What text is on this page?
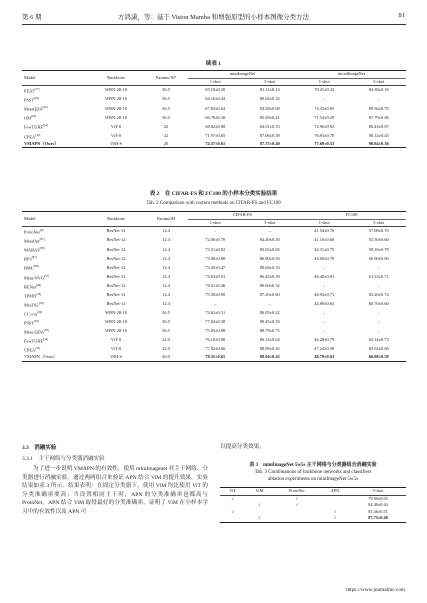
第 6 期	方鸿潇，等：基于 Vision Mamba 和增强原型的小样本图像分类方法	81
续表 1
Model	Backbone	Params/10⁶	miniImageNet		tieredImageNet	
			1-shot	5-shot	1-shot	5-shot
FEAT[57]	WRN-28-10	36.5	65.10±0.20	81.11±0.14	70.41±0.23	84.38±0.16
PSST[62]	WRN-28-10	36.5	64.16±0.44	80.64±0.32	–	–
MetaQDA[63]	WRN-28-10	36.5	67.83±0.64	84.28±0.69	74.33±0.65	89.56±0.79
OM[64]	WRN-28-10	36.5	66.78±0.30	85.29±0.41	71.54±0.29	87.79±0.46
FewTURE[34]	ViT-S	22	68.02±0.88	84.51±0.53	72.96±0.92	86.43±0.67
CPEA[35]	ViT-S	22	71.97±0.65	87.06±0.38	76.93±0.70	90.12±0.45
VMAPN（Ours）	ViM-S	26	72.37±0.61	87.75±0.40	77.69±0.53	90.84±0.36
表 2　在 CIFAR-FS 和 FC100 的小样本分类实验结果
Tab. 2 Comparison with current methods on CIFAR-FS and FC100
Model	Backbone	Params/M	CIFAR-FS		FC100	
			1-shot	5-shot	1-shot	5-shot
ProtoNet[8]	ResNet-12	12.4	–	–	41.54±0.76	57.08±0.76
MetaOpt[65]	ResNet-12	12.4	72.00±0.70	84.20±0.50	41.10±0.60	55.50±0.60
MABAS[66]	ResNet-12	12.4	73.51±0.92	85.65±0.65	42.31±0.75	58.16±0.78
RFS[67]	ResNet-12	12.4	73.90±0.80	86.90±0.50	44.60±0.70	60.90±0.60
BML[68]	ResNet-12	12.4	73.45±0.47	88.04±0.33	–	–
Meta-NVG[57]	ResNet-12	12.4	74.63±0.91	86.45±0.59	46.40±0.81	61.33±0.71
RENet[69]	ResNet-12	12.4	74.51±0.46	86.60±0.32	–	–
TPMN[58]	ResNet-12	12.4	75.50±0.90	87.20±0.60	46.93±0.71	63.26±0.74
MixFSL[59]	ResNet-12	12.4	–	–	44.89±0.63	60.70±0.60
CC+rot[60]	WRN-28-10	36.5	73.62±0.31	86.05±0.22	–	–
PSST[62]	WRN-28-10	36.5	77.02±0.38	88.45±0.35	–	–
Meta-QDA[63]	WRN-28-10	36.5	75.83±0.88	88.79±0.75	–	–
FewTURE[34]	ViT-S	22.0	76.10±0.88	86.14±0.64	46.20±0.79	63.14±0.73
CPEA[35]	ViT-S	22.0	77.82±0.66	88.98±0.45	47.24±0.58	65.02±0.60
VMAPN（Ours）	ViM-S	26.0	78.35±0.65	89.94±0.43	48.79±0.63	66.98±0.58
3.3　消融实验
3.3.1　主干网络与分类器消融实验
为了进一步说明 VMAPN 的有效性，使用 miniImagenet 对主干网络、分类器进行消融实验。通过两两组合来验证 APN 结合 ViM 的提升效果，实验结果如表 3 所示。结果表明：在固定分类器下，使用 ViM 均比使用 ViT 的分类准确率要高；当设置相同主干时，APN 的分类准确率也都高与 ProtoNet。APN 结合 ViM 取得最好的分类准确率，证明了 ViM 在小样本学习中的有效性以及 APN 可
以提高分类效果。
表 3　miniImageNet 5w5s 主干网络与分类器组合消融实验
Tab. 3 Combinations of backbone networks and classifiers
ablation experiments on miniImageNet 5w5s
ViT	ViM	ProtoNet	APN	5-shot
√		√		79.90±0.65
	√	√		84.40±0.44
√			√	85.36±0.51
	√		√	87.75±0.40
https://www.joumalmc.com
